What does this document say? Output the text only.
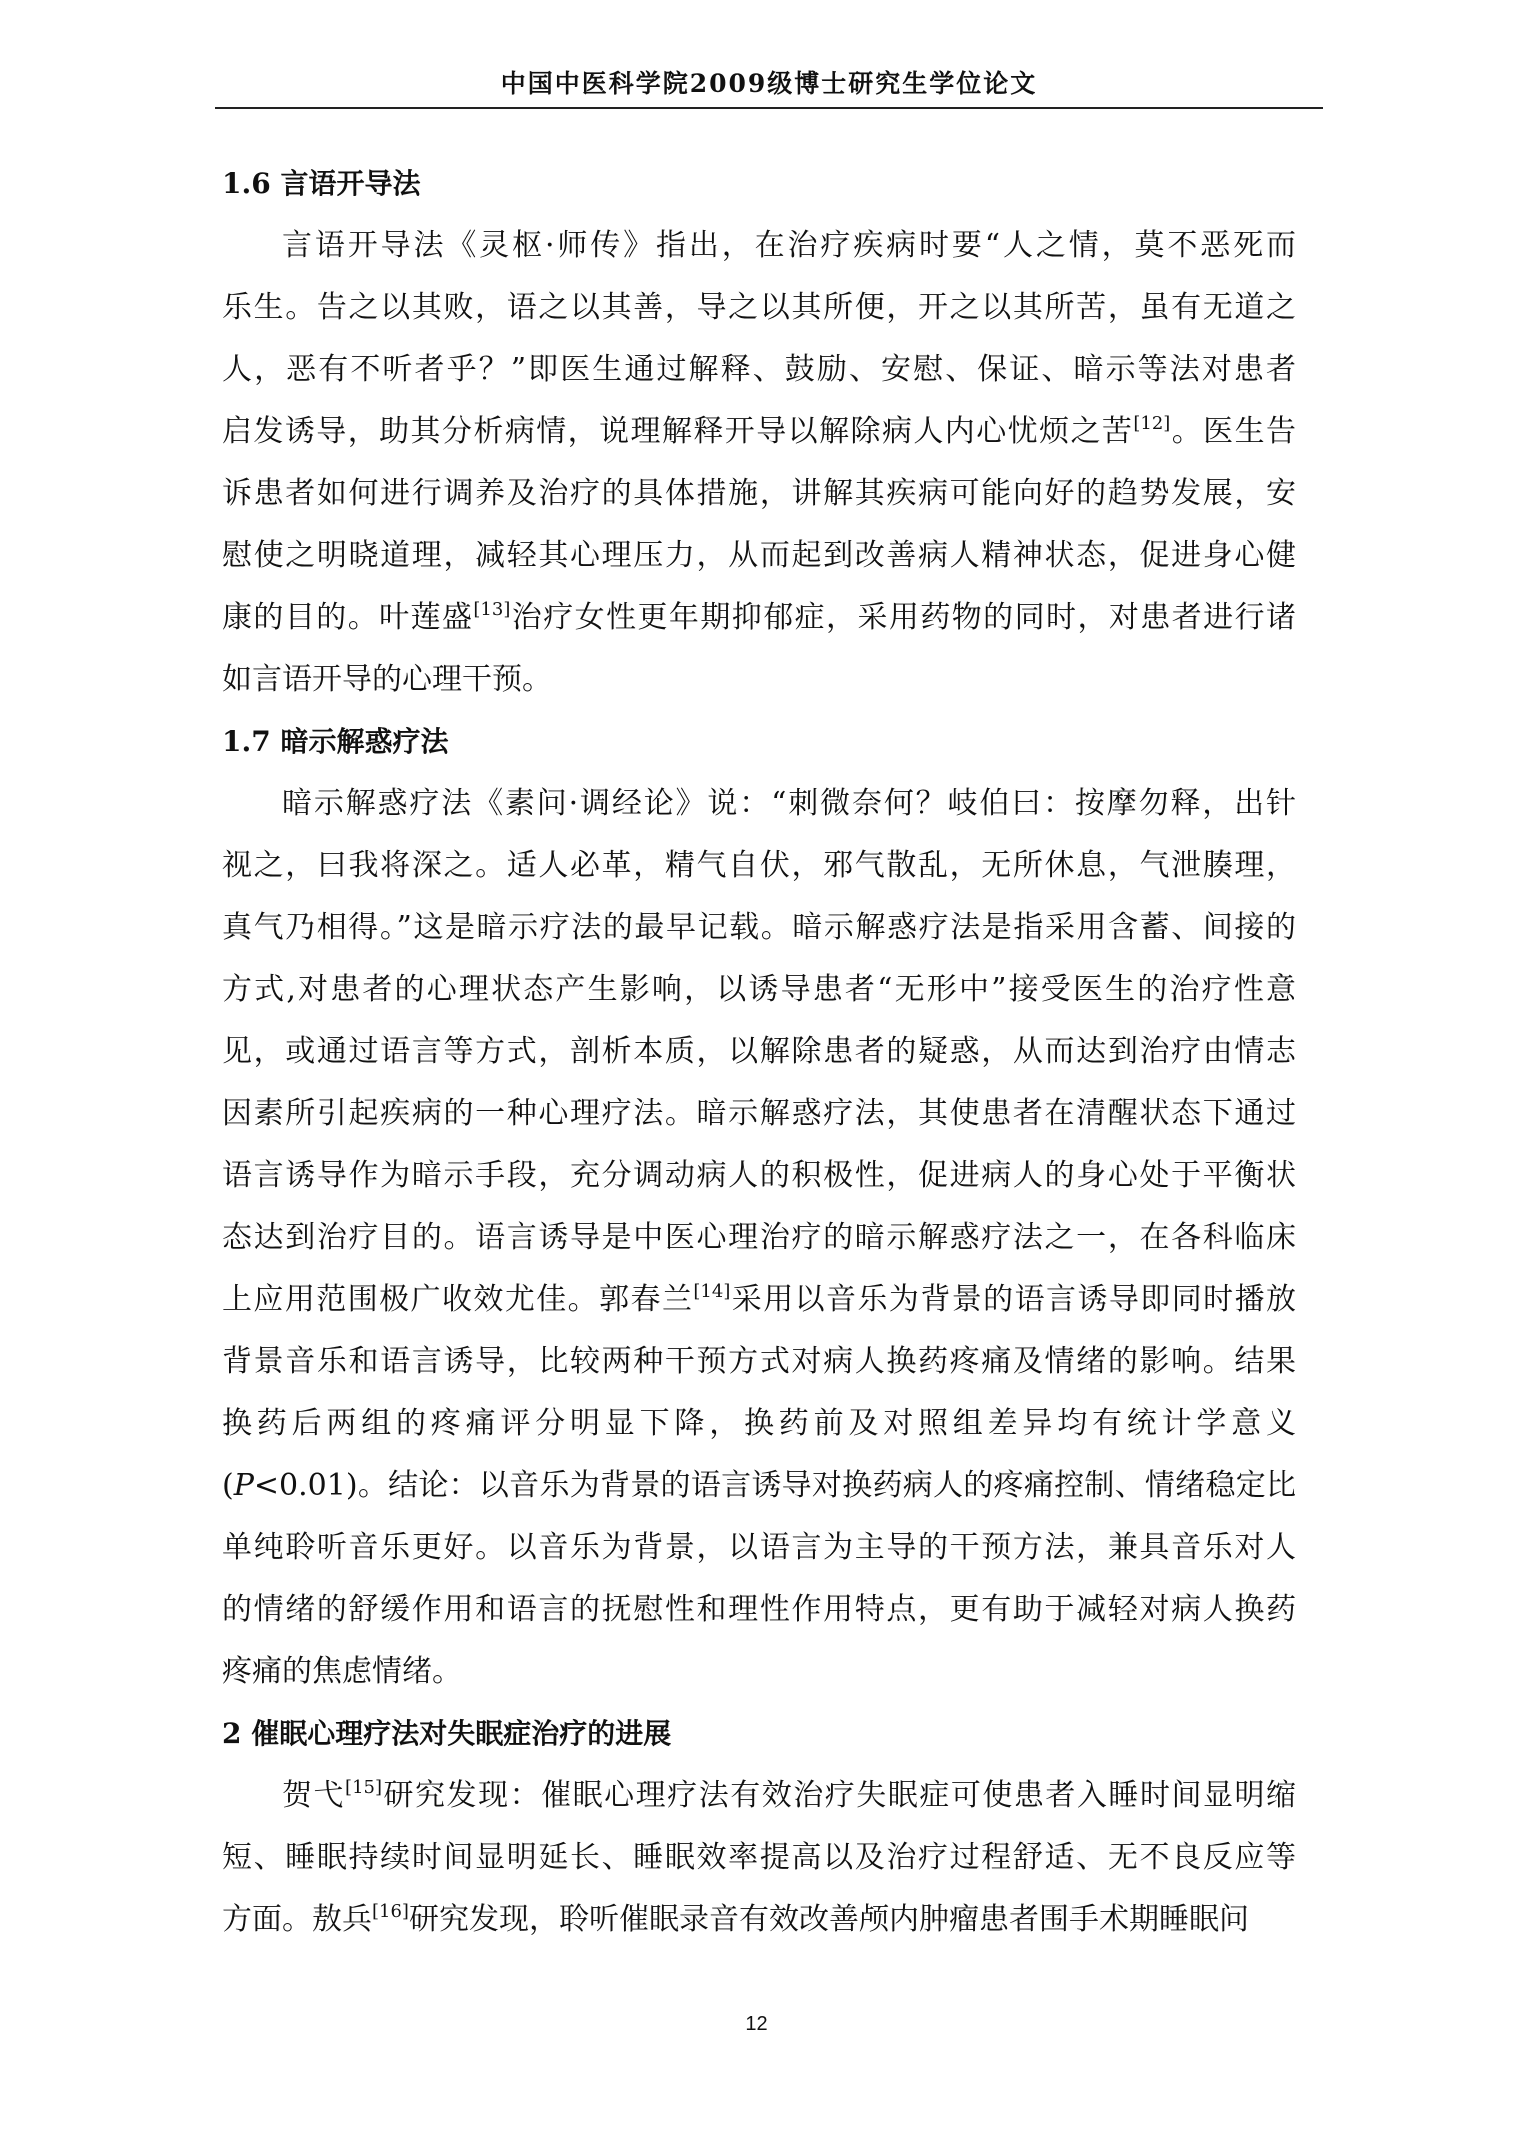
中国中医科学院2009级博士研究生学位论文
1.6 言语开导法
言语开导法《灵枢·师传》指出，在治疗疾病时要“人之情，莫不恶死而
乐生。告之以其败，语之以其善，导之以其所便，开之以其所苦，虽有无道之
人，恶有不听者乎？”即医生通过解释、鼓励、安慰、保证、暗示等法对患者
启发诱导，助其分析病情，说理解释开导以解除病人内心忧烦之苦[12]。医生告
诉患者如何进行调养及治疗的具体措施，讲解其疾病可能向好的趋势发展，安
慰使之明晓道理，减轻其心理压力，从而起到改善病人精神状态，促进身心健
康的目的。叶莲盛[13]治疗女性更年期抑郁症，采用药物的同时，对患者进行诸
如言语开导的心理干预。
1.7 暗示解惑疗法
暗示解惑疗法《素问·调经论》说：“刺微奈何？岐伯曰：按摩勿释，出针
视之，曰我将深之。适人必革，精气自伏，邪气散乱，无所休息，气泄腠理，
真气乃相得。”这是暗示疗法的最早记载。暗示解惑疗法是指采用含蓄、间接的
方式,对患者的心理状态产生影响，以诱导患者“无形中”接受医生的治疗性意
见，或通过语言等方式，剖析本质，以解除患者的疑惑，从而达到治疗由情志
因素所引起疾病的一种心理疗法。暗示解惑疗法，其使患者在清醒状态下通过
语言诱导作为暗示手段，充分调动病人的积极性，促进病人的身心处于平衡状
态达到治疗目的。语言诱导是中医心理治疗的暗示解惑疗法之一，在各科临床
上应用范围极广收效尤佳。郭春兰[14]采用以音乐为背景的语言诱导即同时播放
背景音乐和语言诱导，比较两种干预方式对病人换药疼痛及情绪的影响。结果
换药后两组的疼痛评分明显下降，换药前及对照组差异均有统计学意义
(P<0.01)。结论：以音乐为背景的语言诱导对换药病人的疼痛控制、情绪稳定比
单纯聆听音乐更好。以音乐为背景，以语言为主导的干预方法，兼具音乐对人
的情绪的舒缓作用和语言的抚慰性和理性作用特点，更有助于减轻对病人换药
疼痛的焦虑情绪。
2 催眠心理疗法对失眠症治疗的进展
贺弋[15]研究发现：催眠心理疗法有效治疗失眠症可使患者入睡时间显明缩
短、睡眠持续时间显明延长、睡眠效率提高以及治疗过程舒适、无不良反应等
方面。敖兵[16]研究发现，聆听催眠录音有效改善颅内肿瘤患者围手术期睡眠问
12
